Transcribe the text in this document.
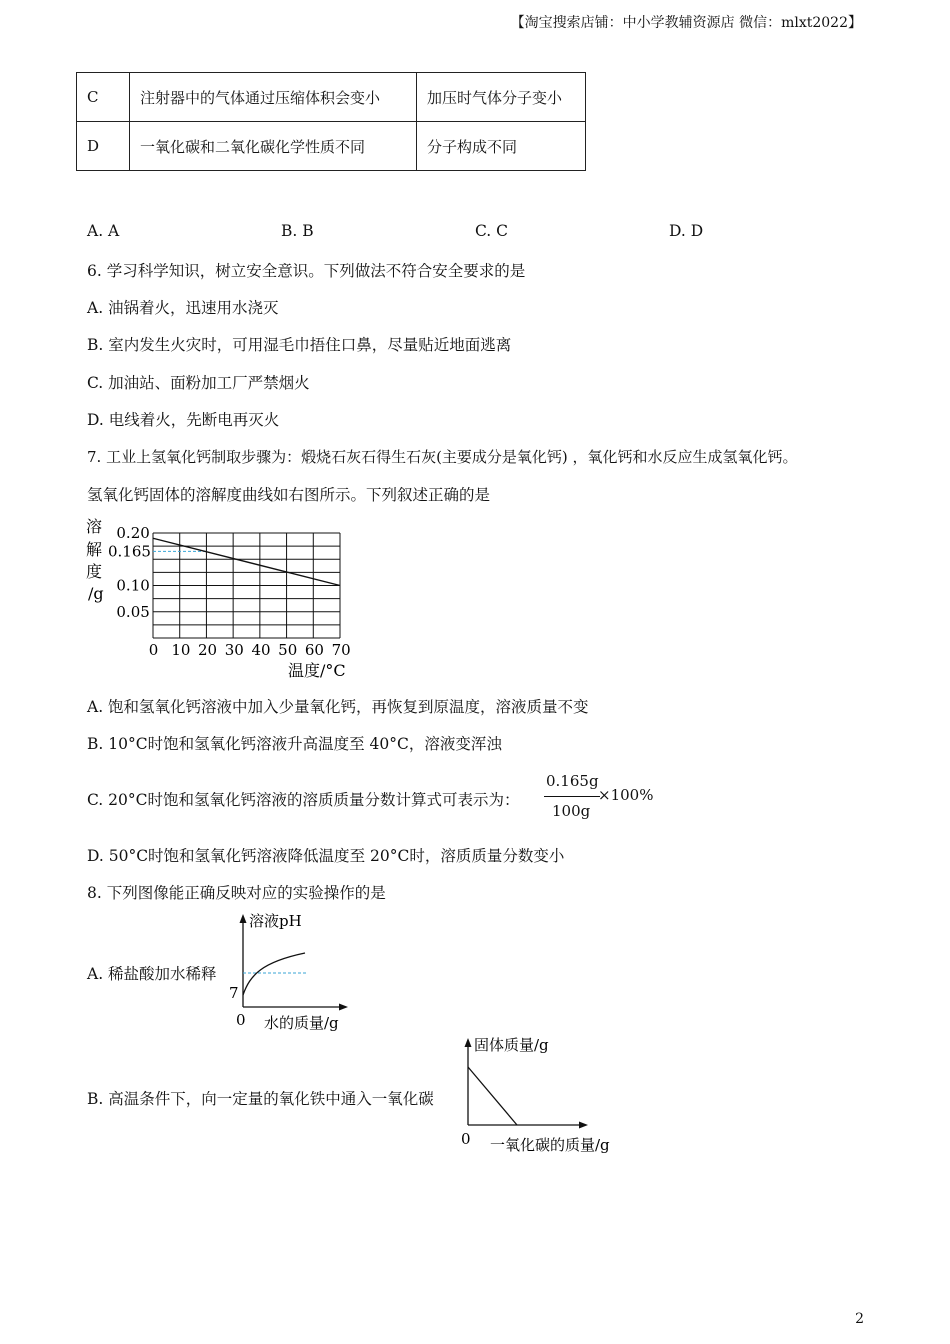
【淘宝搜索店铺：中小学教辅资源店 微信：mlxt2022】
C	注射器中的气体通过压缩体积会变小	加压时气体分子变小
D	一氧化碳和二氧化碳化学性质不同	分子构成不同
A. A	B. B	C. C	D. D
6. 学习科学知识，树立安全意识。下列做法不符合安全要求的是
A. 油锅着火，迅速用水浇灭
B. 室内发生火灾时，可用湿毛巾捂住口鼻，尽量贴近地面逃离
C. 加油站、面粉加工厂严禁烟火
D. 电线着火，先断电再灭火
7. 工业上氢氧化钙制取步骤为：煅烧石灰石得生石灰(主要成分是氧化钙) ，氧化钙和水反应生成氢氧化钙。
氢氧化钙固体的溶解度曲线如右图所示。下列叙述正确的是
溶
解
度
/g
0 10 20 30 40 50 60 70
0.20
0.165
0.10
0.05
温度/°C
A. 饱和氢氧化钙溶液中加入少量氧化钙，再恢复到原温度，溶液质量不变
B. 10°C时饱和氢氧化钙溶液升高温度至 40°C，溶液变浑浊
C. 20°C时饱和氢氧化钙溶液的溶质质量分数计算式可表示为：
0.165g
100g
×100%
D. 50°C时饱和氢氧化钙溶液降低温度至 20°C时，溶质质量分数变小
8. 下列图像能正确反映对应的实验操作的是
A. 稀盐酸加水稀释
溶液pH
7
0 水的质量/g
B. 高温条件下，向一定量的氧化铁中通入一氧化碳
固体质量/g
0 一氧化碳的质量/g
2
